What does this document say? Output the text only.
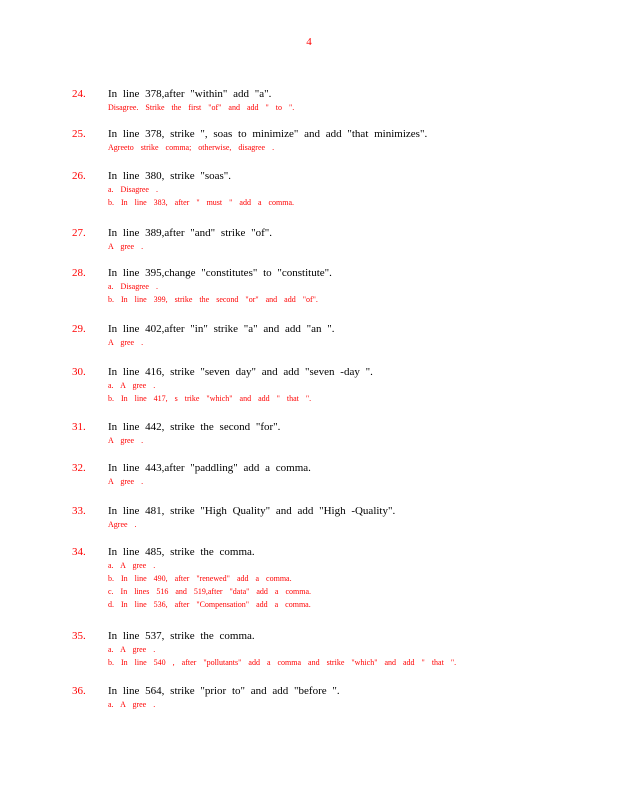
4
24. In line 378,after "within" add "a".
Disagree. Strike the first "of" and add " to ".
25. In line 378, strike ", soas to minimize" and add "that minimizes".
Agreeto strike comma; otherwise, disagree .
26. In line 380, strike "soas".
a. Disagree .
b. In line 383, after " must " add a comma.
27. In line 389,after "and" strike "of".
A gree .
28. In line 395,change "constitutes" to "constitute".
a. Disagree .
b. In line 399, strike the second "or" and add "of".
29. In line 402,after "in" strike "a" and add "an ".
A gree .
30. In line 416, strike "seven day" and add "seven -day ".
a. A gree .
b. In line 417, s trike "which" and add " that ".
31. In line 442, strike the second "for".
A gree .
32. In line 443,after "paddling" add a comma.
A gree .
33. In line 481, strike "High Quality" and add "High -Quality".
Agree .
34. In line 485, strike the comma.
a. A gree .
b. In line 490, after "renewed" add a comma.
c. In lines 516 and 519,after "data" add a comma.
d. In line 536, after "Compensation" add a comma.
35. In line 537, strike the comma.
a. A gree .
b. In line 540 , after "pollutants" add a comma and strike "which" and add " that ".
36. In line 564, strike "prior to" and add "before ".
a. A gree .
